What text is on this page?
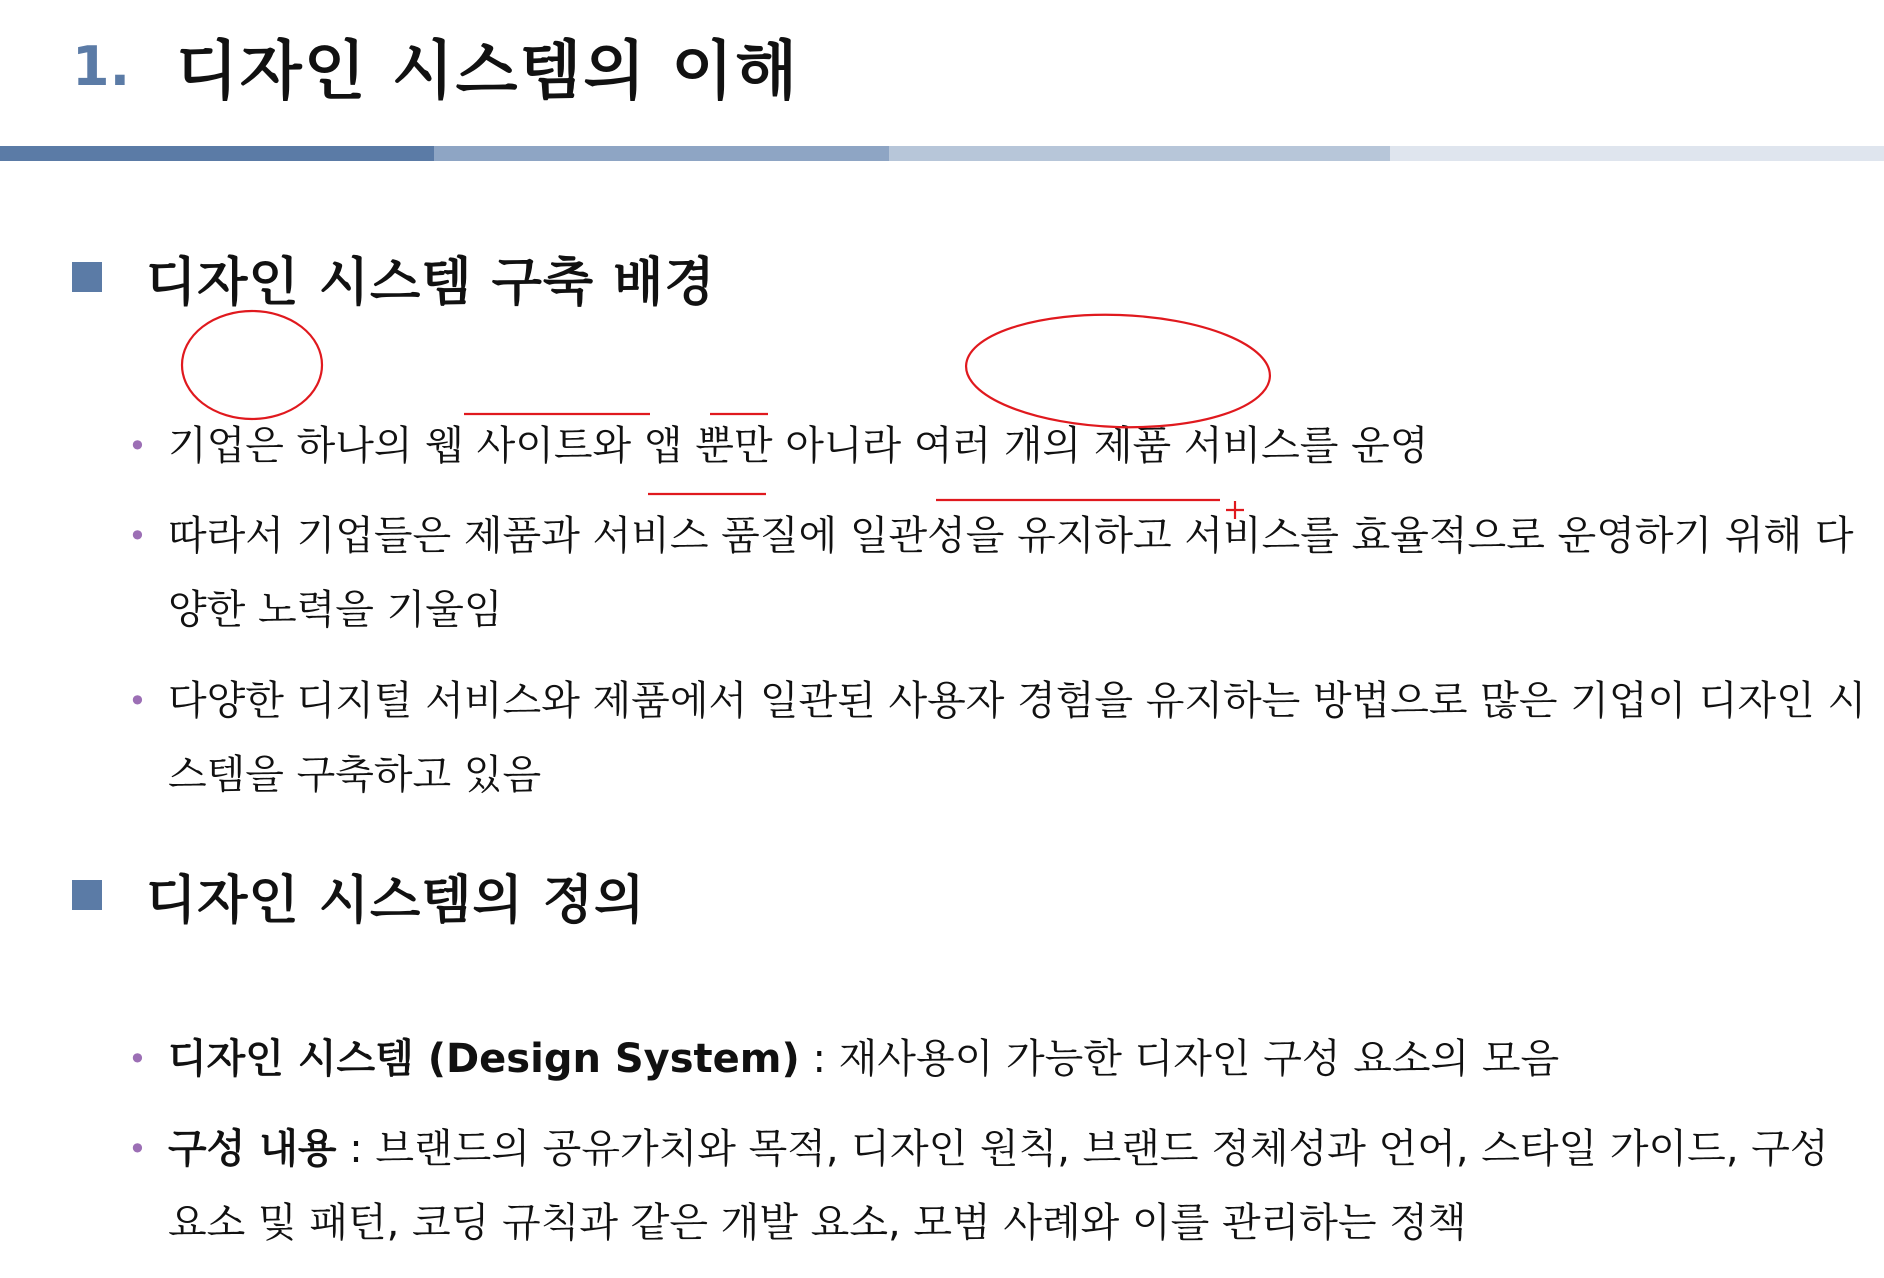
1. 디자인 시스템의 이해
디자인 시스템 구축 배경
• 기업은 하나의 웹 사이트와 앱 뿐만 아니라 여러 개의 제품 서비스를 운영
• 따라서 기업들은 제품과 서비스 품질에 일관성을 유지하고 서비스를 효율적으로 운영하기 위해 다양한 노력을 기울임
• 다양한 디지털 서비스와 제품에서 일관된 사용자 경험을 유지하는 방법으로 많은 기업이 디자인 시스템을 구축하고 있음
디자인 시스템의 정의
• 디자인 시스템 (Design System) : 재사용이 가능한 디자인 구성 요소의 모음
• 구성 내용 : 브랜드의 공유가치와 목적, 디자인 원칙, 브랜드 정체성과 언어, 스타일 가이드, 구성 요소 및 패턴, 코딩 규칙과 같은 개발 요소, 모범 사례와 이를 관리하는 정책
